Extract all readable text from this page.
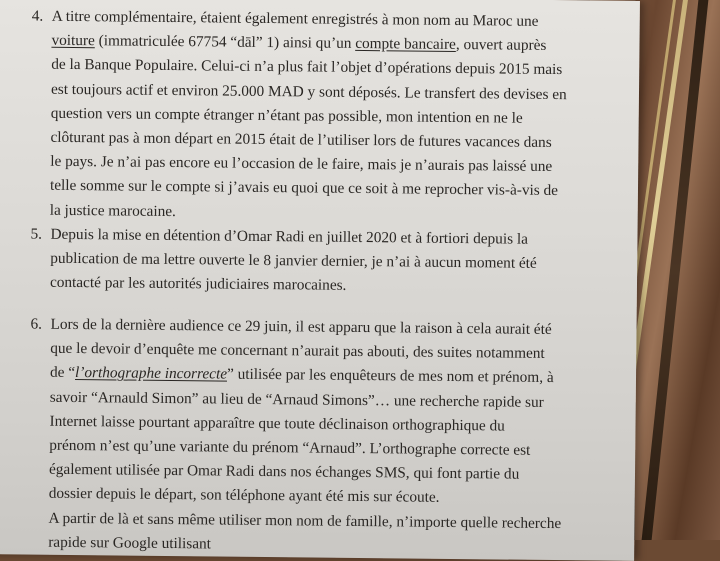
4. A titre complémentaire, étaient également enregistrés à mon nom au Maroc une
voiture (immatriculée 67754 “dāl” 1) ainsi qu’un compte bancaire, ouvert auprès
de la Banque Populaire. Celui-ci n’a plus fait l’objet d’opérations depuis 2015 mais
est toujours actif et environ 25.000 MAD y sont déposés. Le transfert des devises en
question vers un compte étranger n’étant pas possible, mon intention en ne le
clôturant pas à mon départ en 2015 était de l’utiliser lors de futures vacances dans
le pays. Je n’ai pas encore eu l’occasion de le faire, mais je n’aurais pas laissé une
telle somme sur le compte si j’avais eu quoi que ce soit à me reprocher vis-à-vis de
la justice marocaine.
5. Depuis la mise en détention d’Omar Radi en juillet 2020 et à fortiori depuis la
publication de ma lettre ouverte le 8 janvier dernier, je n’ai à aucun moment été
contacté par les autorités judiciaires marocaines.
6. Lors de la dernière audience ce 29 juin, il est apparu que la raison à cela aurait été
que le devoir d’enquête me concernant n’aurait pas abouti, des suites notamment
de “l’orthographe incorrecte” utilisée par les enquêteurs de mes nom et prénom, à
savoir “Arnauld Simon” au lieu de “Arnaud Simons”… une recherche rapide sur
Internet laisse pourtant apparaître que toute déclinaison orthographique du
prénom n’est qu’une variante du prénom “Arnaud”. L’orthographe correcte est
également utilisée par Omar Radi dans nos échanges SMS, qui font partie du
dossier depuis le départ, son téléphone ayant été mis sur écoute.
A partir de là et sans même utiliser mon nom de famille, n’importe quelle recherche
rapide sur Google utilisant
